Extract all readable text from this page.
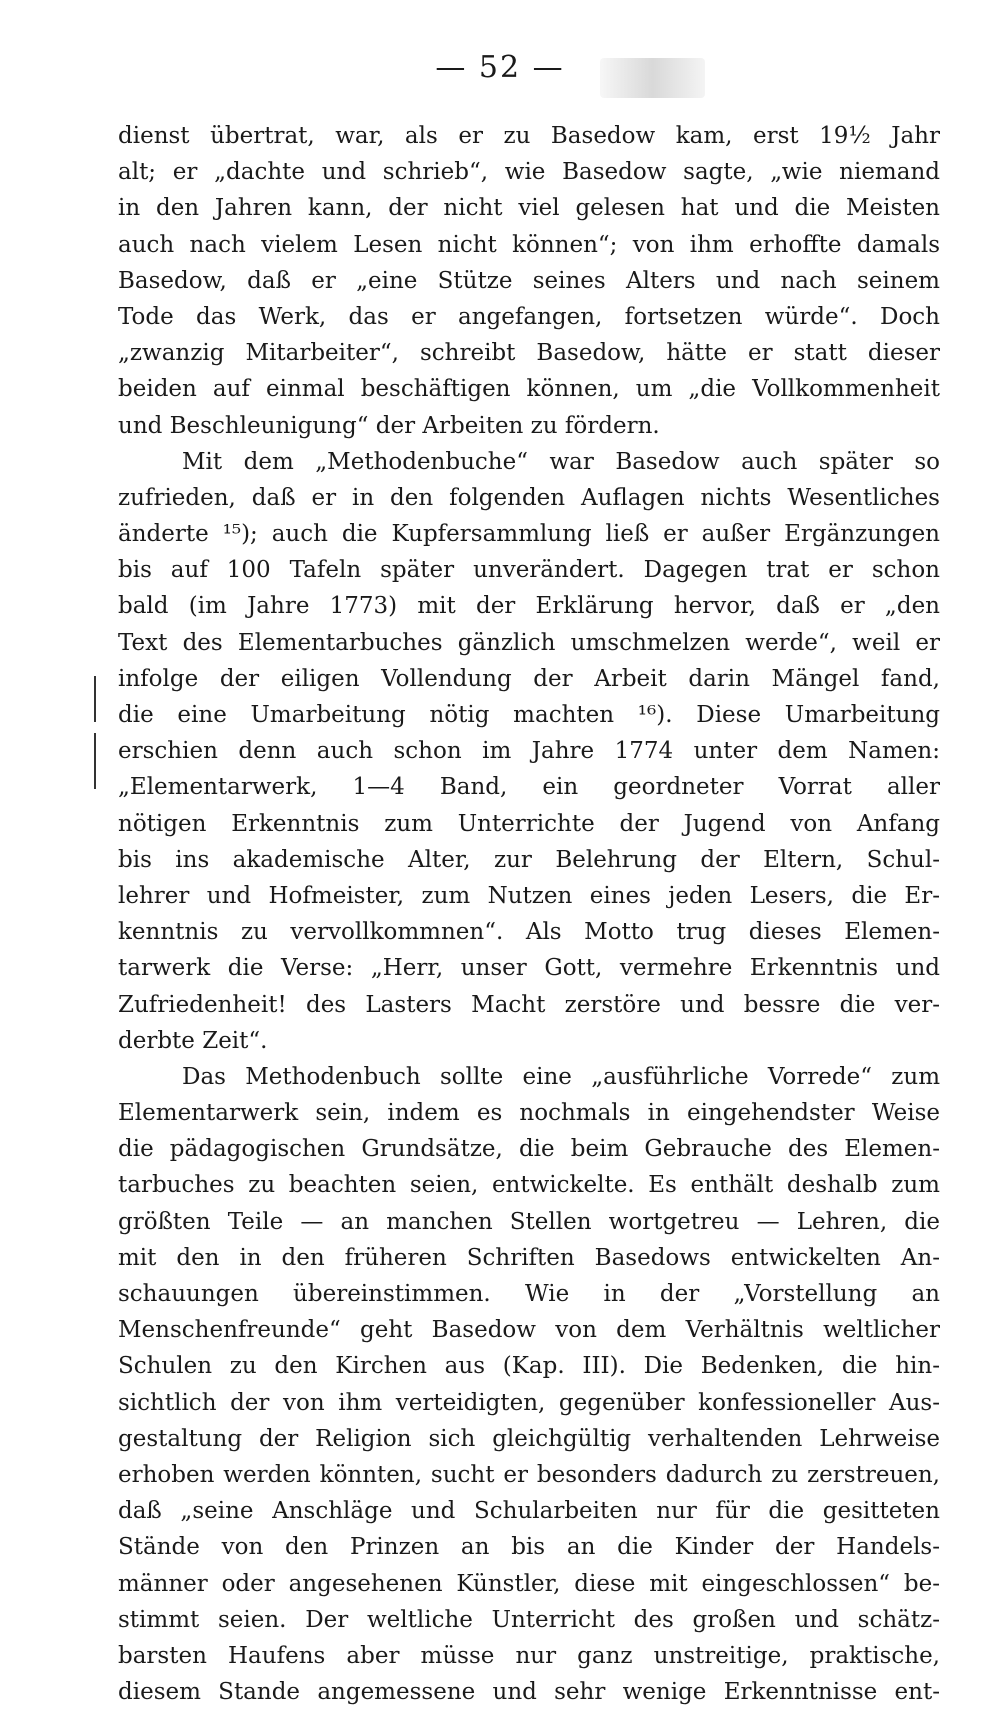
— 52 —
dienst übertrat, war, als er zu Basedow kam, erst 19½ Jahr
alt; er „dachte und schrieb“, wie Basedow sagte, „wie niemand
in den Jahren kann, der nicht viel gelesen hat und die Meisten
auch nach vielem Lesen nicht können“; von ihm erhoffte damals
Basedow, daß er „eine Stütze seines Alters und nach seinem
Tode das Werk, das er angefangen, fortsetzen würde“. Doch
„zwanzig Mitarbeiter“, schreibt Basedow, hätte er statt dieser
beiden auf einmal beschäftigen können, um „die Vollkommenheit
und Beschleunigung“ der Arbeiten zu fördern.
Mit dem „Methodenbuche“ war Basedow auch später so
zufrieden, daß er in den folgenden Auflagen nichts Wesentliches
änderte ¹⁵); auch die Kupfersammlung ließ er außer Ergänzungen
bis auf 100 Tafeln später unverändert. Dagegen trat er schon
bald (im Jahre 1773) mit der Erklärung hervor, daß er „den
Text des Elementarbuches gänzlich umschmelzen werde“, weil er
infolge der eiligen Vollendung der Arbeit darin Mängel fand,
die eine Umarbeitung nötig machten ¹⁶). Diese Umarbeitung
erschien denn auch schon im Jahre 1774 unter dem Namen:
„Elementarwerk, 1—4 Band, ein geordneter Vorrat aller
nötigen Erkenntnis zum Unterrichte der Jugend von Anfang
bis ins akademische Alter, zur Belehrung der Eltern, Schul-
lehrer und Hofmeister, zum Nutzen eines jeden Lesers, die Er-
kenntnis zu vervollkommnen“. Als Motto trug dieses Elemen-
tarwerk die Verse: „Herr, unser Gott, vermehre Erkenntnis und
Zufriedenheit! des Lasters Macht zerstöre und bessre die ver-
derbte Zeit“.
Das Methodenbuch sollte eine „ausführliche Vorrede“ zum
Elementarwerk sein, indem es nochmals in eingehendster Weise
die pädagogischen Grundsätze, die beim Gebrauche des Elemen-
tarbuches zu beachten seien, entwickelte. Es enthält deshalb zum
größten Teile — an manchen Stellen wortgetreu — Lehren, die
mit den in den früheren Schriften Basedows entwickelten An-
schauungen übereinstimmen. Wie in der „Vorstellung an
Menschenfreunde“ geht Basedow von dem Verhältnis weltlicher
Schulen zu den Kirchen aus (Kap. III). Die Bedenken, die hin-
sichtlich der von ihm verteidigten, gegenüber konfessioneller Aus-
gestaltung der Religion sich gleichgültig verhaltenden Lehrweise
erhoben werden könnten, sucht er besonders dadurch zu zerstreuen,
daß „seine Anschläge und Schularbeiten nur für die gesitteten
Stände von den Prinzen an bis an die Kinder der Handels-
männer oder angesehenen Künstler, diese mit eingeschlossen“ be-
stimmt seien. Der weltliche Unterricht des großen und schätz-
barsten Haufens aber müsse nur ganz unstreitige, praktische,
diesem Stande angemessene und sehr wenige Erkenntnisse ent-
